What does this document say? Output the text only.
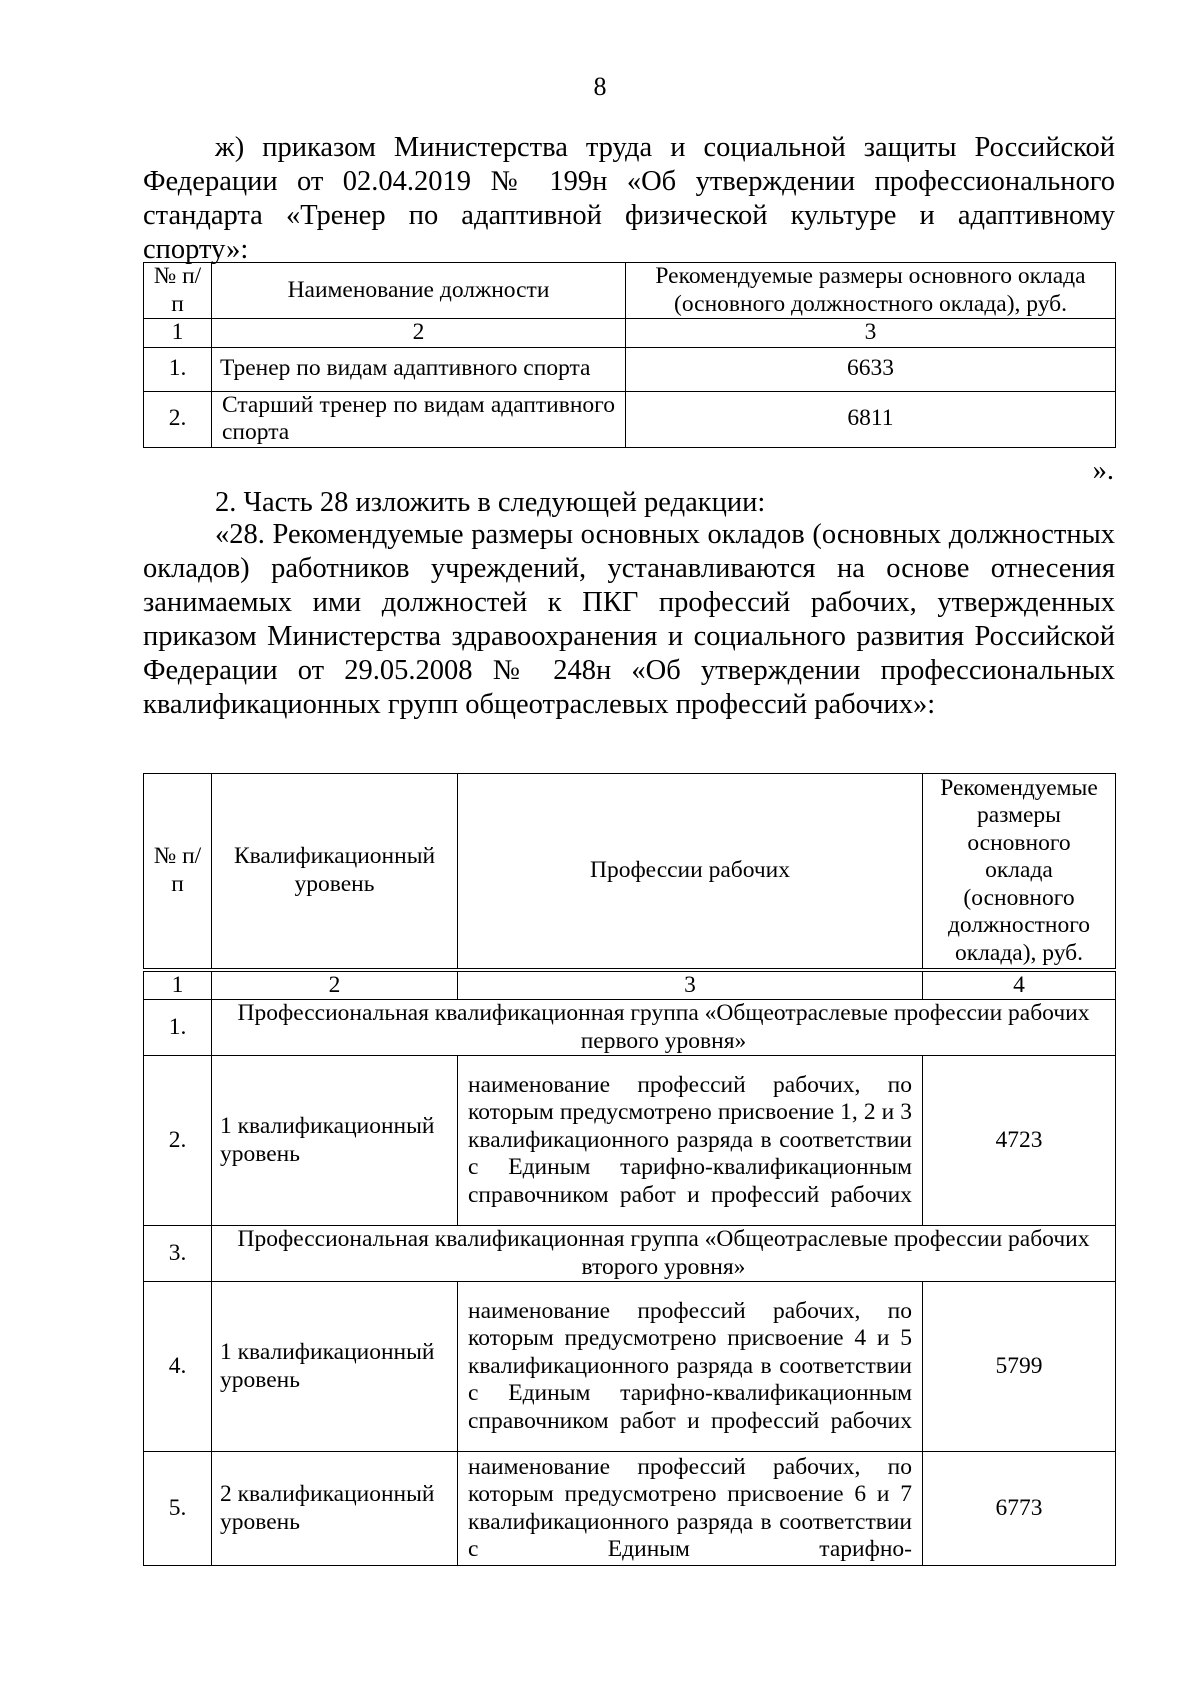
8
ж) приказом Министерства труда и социальной защиты Российской Федерации от 02.04.2019 № 199н «Об утверждении профессионального стандарта «Тренер по адаптивной физической культуре и адаптивному спорту»:
№ п/п	Наименование должности	Рекомендуемые размеры основного оклада (основного должностного оклада), руб.
1	2	3
1.	Тренер по видам адаптивного спорта	6633
2.	Старший тренер по видам адаптивного спорта	6811
».
2. Часть 28 изложить в следующей редакции:
«28. Рекомендуемые размеры основных окладов (основных должностных окладов) работников учреждений, устанавливаются на основе отнесения занимаемых ими должностей к ПКГ профессий рабочих, утвержденных приказом Министерства здравоохранения и социального развития Российской Федерации от 29.05.2008 № 248н «Об утверждении профессиональных квалификационных групп общеотраслевых профессий рабочих»:
№ п/п	Квалификационный уровень	Профессии рабочих	Рекомендуемые размеры основного оклада (основного должностного оклада), руб.
1	2	3	4
1.	Профессиональная квалификационная группа «Общеотраслевые профессии рабочих первого уровня»		
2.	1 квалификационный уровень	наименование профессий рабочих, по которым предусмотрено присвоение 1, 2 и 3 квалификационного разряда в соответствии с Единым тарифно-квалификационным справочником работ и профессий рабочих	4723
3.	Профессиональная квалификационная группа «Общеотраслевые профессии рабочих второго уровня»		
4.	1 квалификационный уровень	наименование профессий рабочих, по которым предусмотрено присвоение 4 и 5 квалификационного разряда в соответствии с Единым тарифно-квалификационным справочником работ и профессий рабочих	5799
5.	2 квалификационный уровень	наименование профессий рабочих, по которым предусмотрено присвоение 6 и 7 квалификационного разряда в соответствии с Единым тарифно-	6773
